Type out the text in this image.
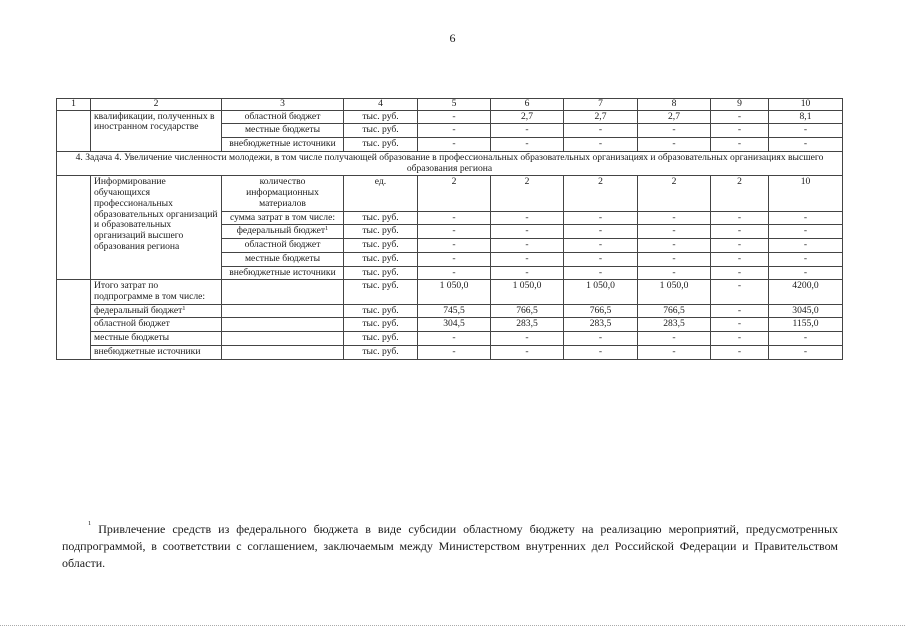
6
1	2	3	4	5	6	7	8	9	10
	квалификации, полученных в иностранном государстве	областной бюджет	тыс. руб.	-	2,7	2,7	2,7	-	8,1
		местные бюджеты	тыс. руб.	-	-	-	-	-	-
		внебюджетные источники	тыс. руб.	-	-	-	-	-	-
4. Задача 4. Увеличение численности молодежи, в том числе получающей образование в профессиональных образовательных организациях и образовательных организациях высшего образования региона									
	Информирование обучающихся профессиональных образовательных организаций и образовательных организаций высшего образования региона	количество информационных материалов	ед.	2	2	2	2	2	10
		сумма затрат в том числе:	тыс. руб.	-	-	-	-	-	-
		федеральный бюджет$^1$	тыс. руб.	-	-	-	-	-	-
		областной бюджет	тыс. руб.	-	-	-	-	-	-
		местные бюджеты	тыс. руб.	-	-	-	-	-	-
		внебюджетные источники	тыс. руб.	-	-	-	-	-	-
	Итого затрат по подпрограмме в том числе:		тыс. руб.	1 050,0	1 050,0	1 050,0	1 050,0	-	4200,0
	федеральный бюджет$^1$		тыс. руб.	745,5	766,5	766,5	766,5	-	3045,0
	областной бюджет		тыс. руб.	304,5	283,5	283,5	283,5	-	1155,0
	местные бюджеты		тыс. руб.	-	-	-	-	-	-
	внебюджетные источники		тыс. руб.	-	-	-	-	-	-
$^1$ Привлечение средств из федерального бюджета в виде субсидии областному бюджету на реализацию мероприятий, предусмотренных подпрограммой, в соответствии с соглашением, заключаемым между Министерством внутренних дел Российской Федерации и Правительством области.
